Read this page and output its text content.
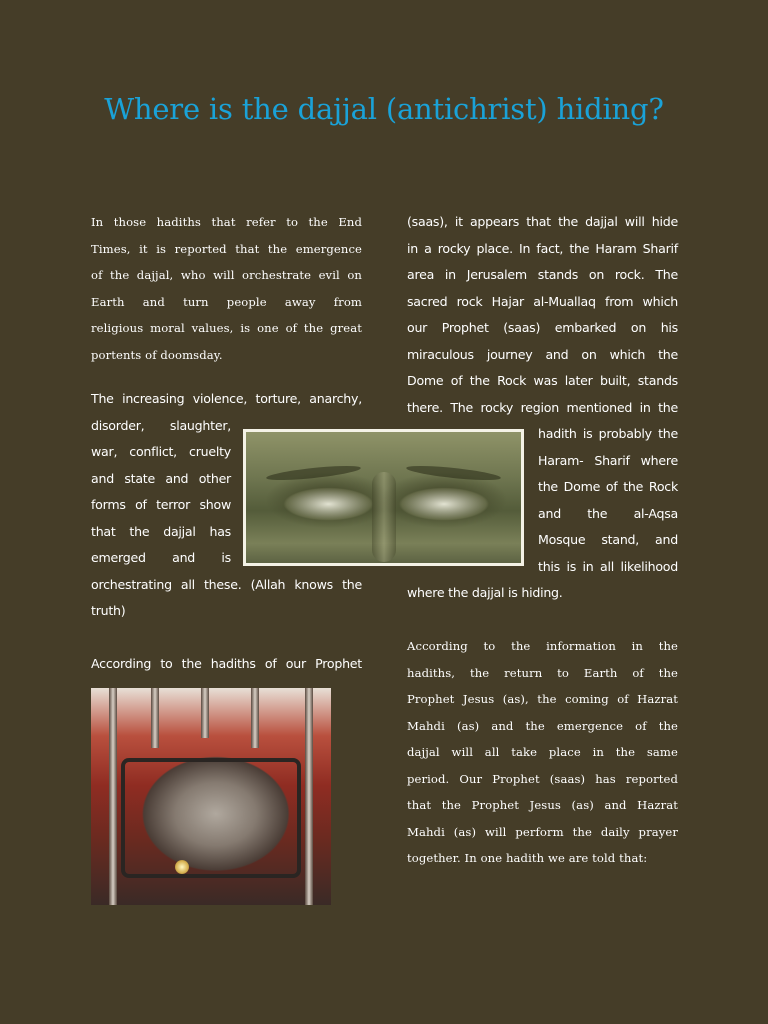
Where is the dajjal (antichrist) hiding?
In those hadiths that refer to the End
Times, it is reported that the emergence
of the dajjal, who will orchestrate evil on
Earth and turn people away from
religious moral values, is one of the great
portents of doomsday.
The increasing violence, torture, anarchy,
disorder, slaughter,
war, conflict, cruelty
and state and other
forms of terror show
that the dajjal has
emerged and is
orchestrating all these. (Allah knows the
truth)
According to the hadiths of our Prophet
(saas), it appears that the dajjal will hide
in a rocky place. In fact, the Haram Sharif
area in Jerusalem stands on rock. The
sacred rock Hajar al-Muallaq from which
our Prophet (saas) embarked on his
miraculous journey and on which the
Dome of the Rock was later built, stands
there. The rocky region mentioned in the
hadith is probably the
Haram- Sharif where
the Dome of the Rock
and the al-Aqsa
Mosque stand, and
this is in all likelihood
where the dajjal is hiding.
According to the information in the
hadiths, the return to Earth of the
Prophet Jesus (as), the coming of Hazrat
Mahdi (as) and the emergence of the
dajjal will all take place in the same
period. Our Prophet (saas) has reported
that the Prophet Jesus (as) and Hazrat
Mahdi (as) will perform the daily prayer
together. In one hadith we are told that:
